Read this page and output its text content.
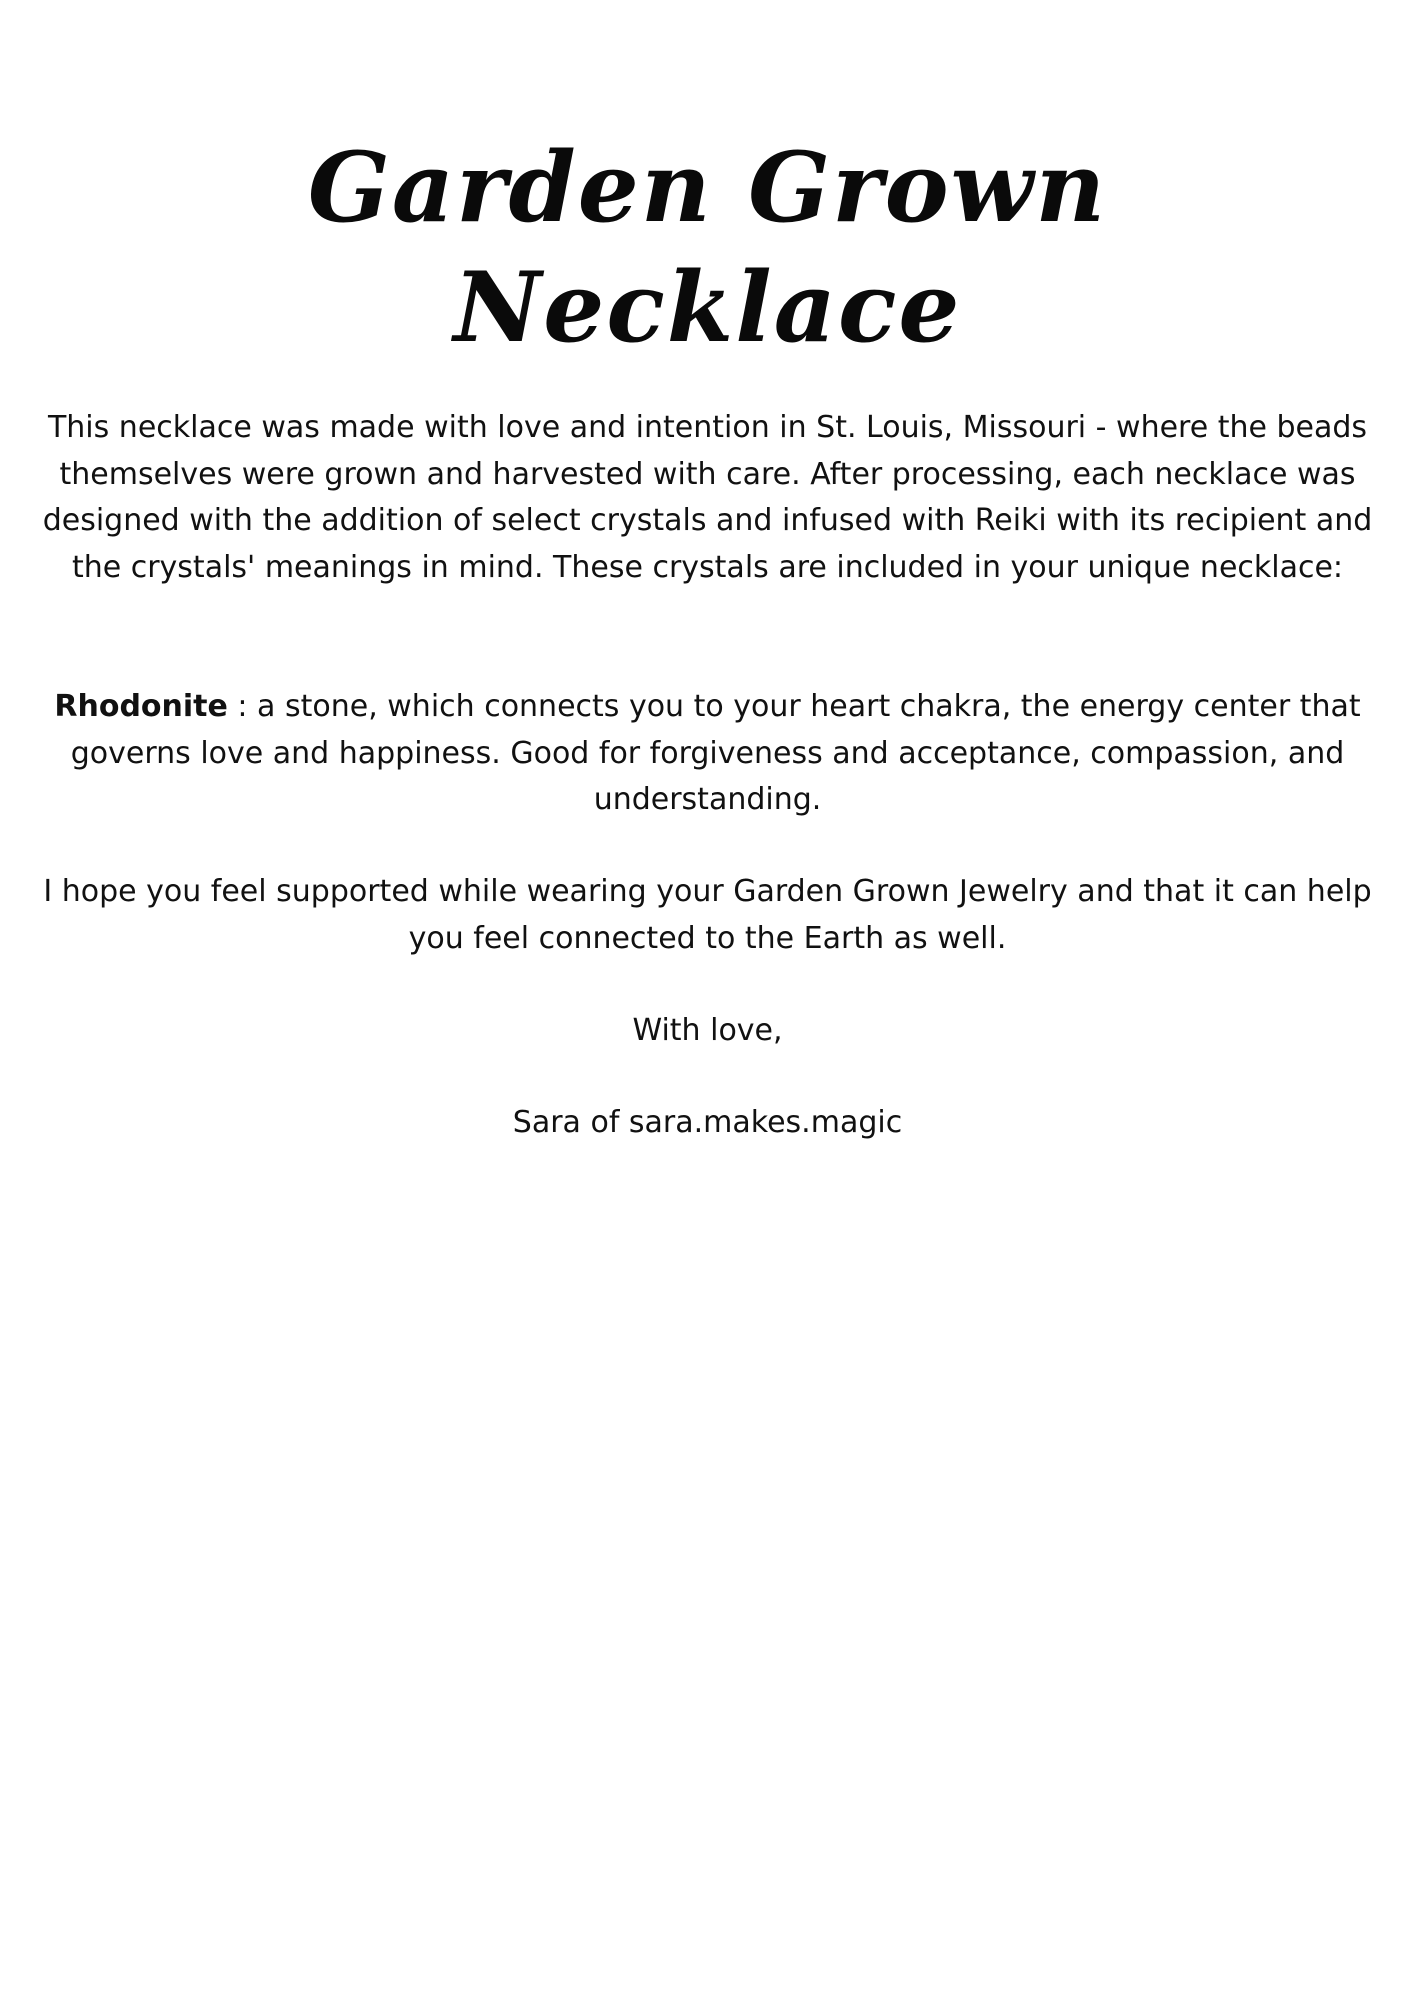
Garden Grown
Necklace

This necklace was made with love and intention in St. Louis, Missouri - where the beads themselves were grown and harvested with care. After processing, each necklace was designed with the addition of select crystals and infused with Reiki with its recipient and the crystals' meanings in mind. These crystals are included in your unique necklace:

Rhodonite : a stone, which connects you to your heart chakra, the energy center that governs love and happiness. Good for forgiveness and acceptance, compassion, and understanding.

I hope you feel supported while wearing your Garden Grown Jewelry and that it can help you feel connected to the Earth as well.

With love,

Sara of sara.makes.magic
